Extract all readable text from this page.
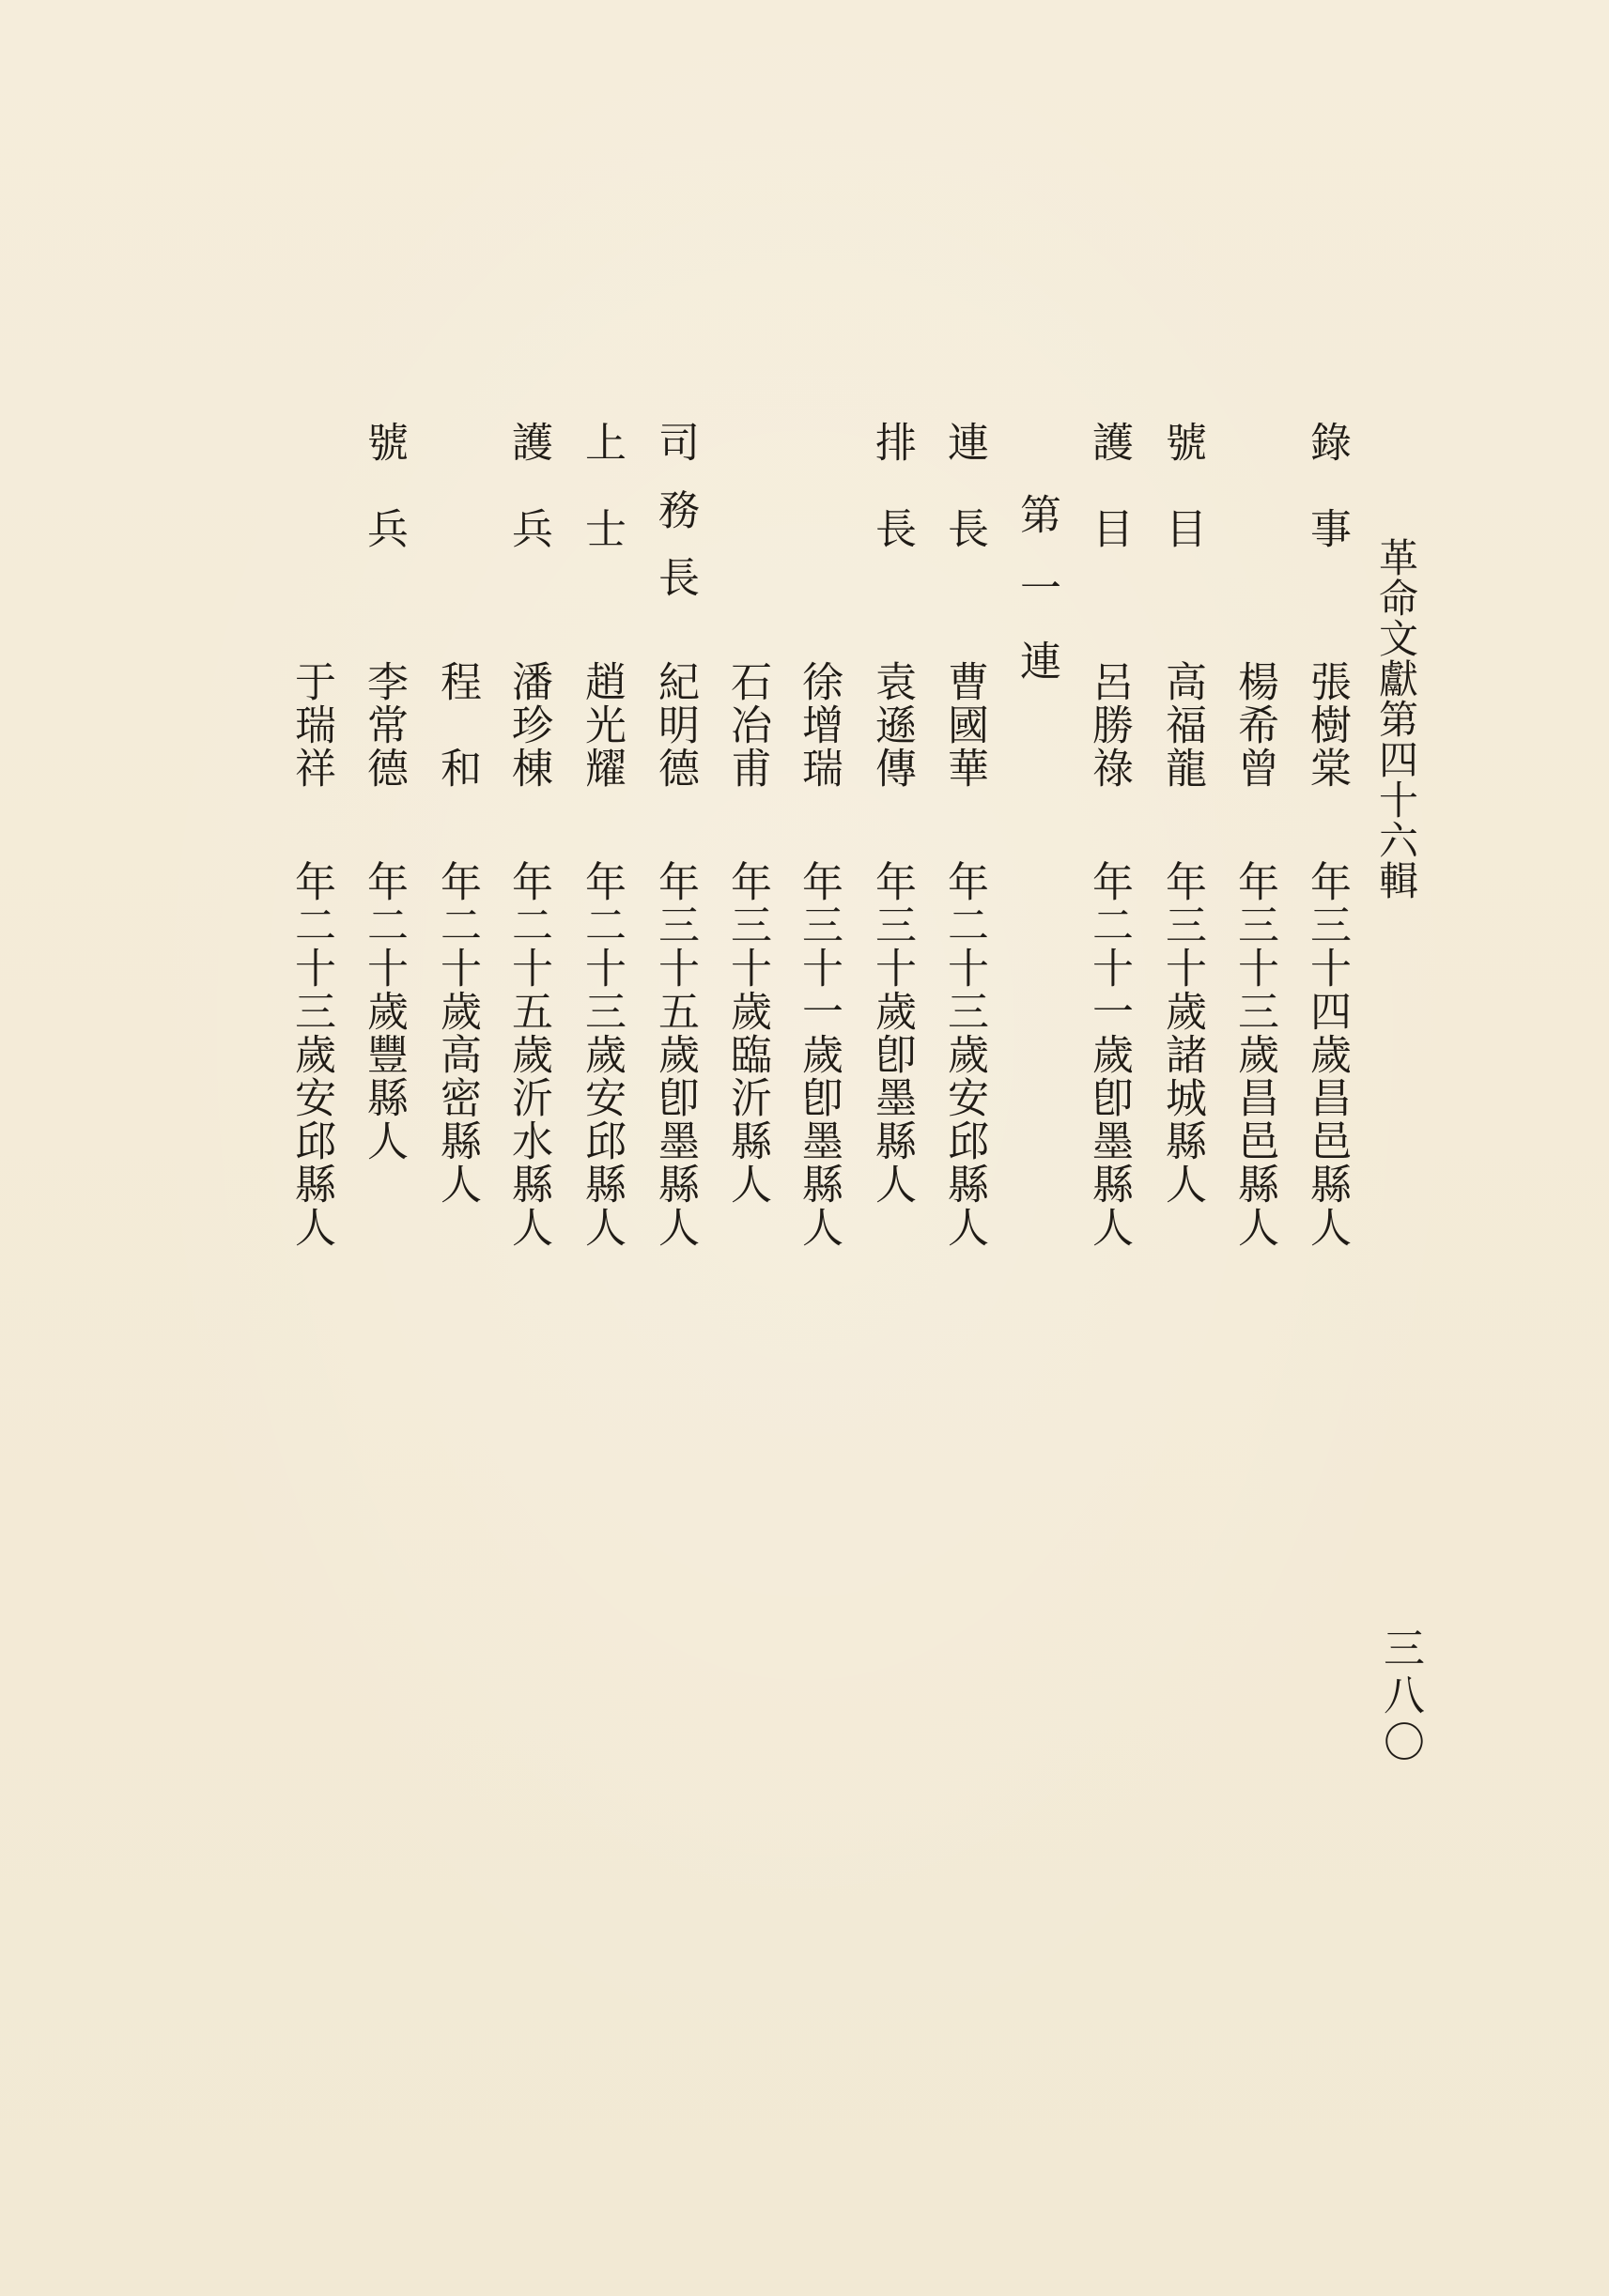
革命文獻第四十六輯
錄　事
張樹棠
年三十四歲昌邑縣人
楊希曾
年三十三歲昌邑縣人
號　目
高福龍
年三十歲諸城縣人
護　目
呂勝祿
年二十一歲卽墨縣人
第一連
連　長
曹國華
年二十三歲安邱縣人
排　長
袁遜傳
年三十歲卽墨縣人
徐增瑞
年三十一歲卽墨縣人
石冶甫
年三十歲臨沂縣人
司務長
紀明德
年三十五歲卽墨縣人
上　士
趙光耀
年二十三歲安邱縣人
護　兵
潘珍棟
年二十五歲沂水縣人
程　和
年二十歲高密縣人
號　兵
李常德
年二十歲豐縣人
于瑞祥
年二十三歲安邱縣人
三八〇
